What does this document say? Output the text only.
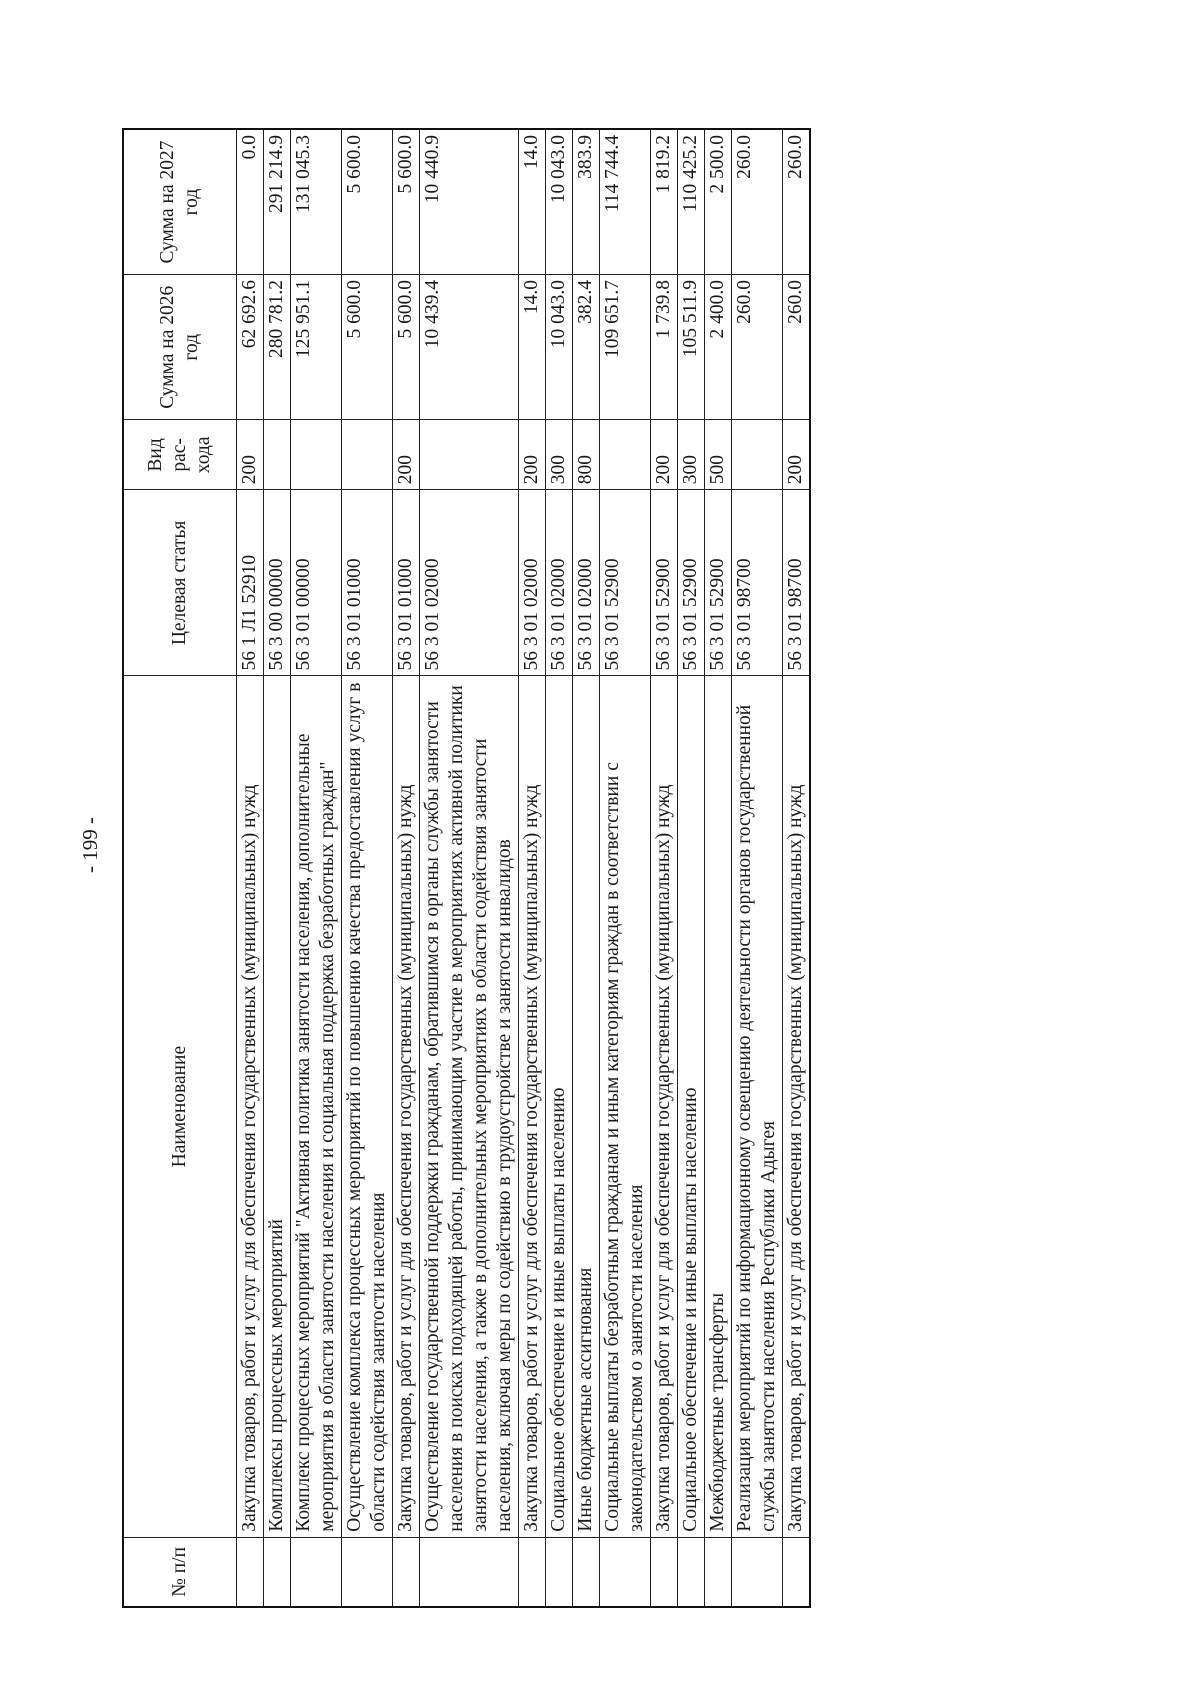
- 199 -
№ п/п	Наименование	Целевая статья	Вид рас- хода	Сумма на 2026 год	Сумма на 2027 год
	Закупка товаров, работ и услуг для обеспечения государственных (муниципальных) нужд	56 1 Л1 52910	200	62 692.6	0.0
	Комплексы процессных мероприятий	56 3 00 00000		280 781.2	291 214.9
	Комплекс процессных мероприятий "Активная политика занятости населения, дополнительные мероприятия в области занятости населения и социальная поддержка безработных граждан"	56 3 01 00000		125 951.1	131 045.3
	Осуществление комплекса процессных мероприятий по повышению качества предоставления услуг в области содействия занятости населения	56 3 01 01000		5 600.0	5 600.0
	Закупка товаров, работ и услуг для обеспечения государственных (муниципальных) нужд	56 3 01 01000	200	5 600.0	5 600.0
	Осуществление государственной поддержки гражданам, обратившимся в органы службы занятости населения в поисках подходящей работы, принимающим участие в мероприятиях активной политики занятости населения, а также в дополнительных мероприятиях в области содействия занятости населения, включая меры по содействию в трудоустройстве и занятости инвалидов	56 3 01 02000		10 439.4	10 440.9
	Закупка товаров, работ и услуг для обеспечения государственных (муниципальных) нужд	56 3 01 02000	200	14.0	14.0
	Социальное обеспечение и иные выплаты населению	56 3 01 02000	300	10 043.0	10 043.0
	Иные бюджетные ассигнования	56 3 01 02000	800	382.4	383.9
	Социальные выплаты безработным гражданам и иным категориям граждан в соответствии с законодательством о занятости населения	56 3 01 52900		109 651.7	114 744.4
	Закупка товаров, работ и услуг для обеспечения государственных (муниципальных) нужд	56 3 01 52900	200	1 739.8	1 819.2
	Социальное обеспечение и иные выплаты населению	56 3 01 52900	300	105 511.9	110 425.2
	Межбюджетные трансферты	56 3 01 52900	500	2 400.0	2 500.0
	Реализация мероприятий по информационному освещению деятельности органов государственной службы занятости населения Республики Адыгея	56 3 01 98700		260.0	260.0
	Закупка товаров, работ и услуг для обеспечения государственных (муниципальных) нужд	56 3 01 98700	200	260.0	260.0
